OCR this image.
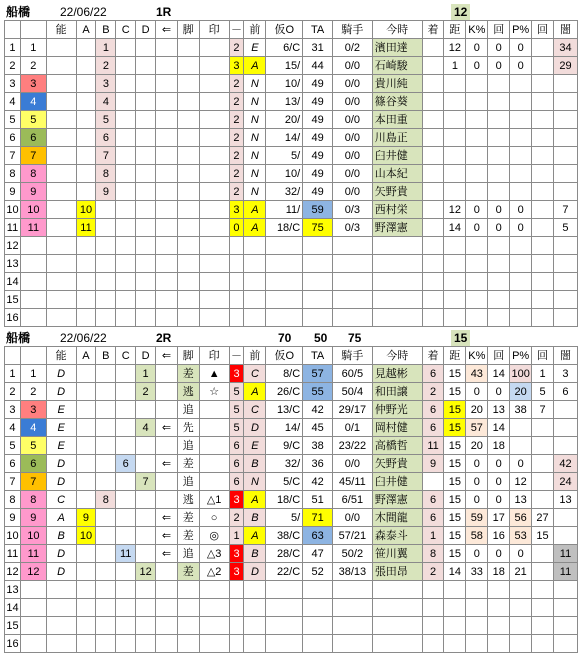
船橋 22/06/22	1R	12
		能	A	B	C	D	⇐	脚	印	－	前	仮O	TA	騎手	今時	着	距	K%	回	P%	回	闇
1	1			1						2	E	6/C	31	0/2	濱田達		12	0	0	0		34
2	2			2						3	A	15/	44	0/0	石崎駿		1	0	0	0		29
3	3			3						2	N	10/	49	0/0	貴川純							
4	4			4						2	N	13/	49	0/0	篠谷葵							
5	5			5						2	N	20/	49	0/0	本田重							
6	6			6						2	N	14/	49	0/0	川島正							
7	7			7						2	N	5/	49	0/0	臼井健							
8	8			8						2	N	10/	49	0/0	山本紀							
9	9			9						2	N	32/	49	0/0	矢野貴							
10	10		10							3	A	11/	59	0/3	西村栄		12	0	0	0		7
11	11		11							0	A	18/C	75	0/3	野澤憲		14	0	0	0		5
12																						
13																						
14																						
15																						
16																						
船橋 22/06/22	2R	70 50 75	15
		能	A	B	C	D	⇐	脚	印	－	前	仮O	TA	騎手	今時	着	距	K%	回	P%	回	闇
1	1	D				1		差	▲	3	C	8/C	57	60/5	見越彬	6	15	43	14	100	1	3
2	2	D				2		逃	☆	5	A	26/C	55	50/4	和田譲	2	15	0	0	20	5	6
3	3	E						追		5	C	13/C	42	29/17	仲野光	6	15	20	13	38	7	
4	4	E				4	⇐	先		5	D	14/	45	0/1	岡村健	6	15	57	14			
5	5	E						追		6	E	9/C	38	23/22	高橋哲	11	15	20	18			
6	6	D			6		⇐	差		6	B	32/	36	0/0	矢野貴	9	15	0	0	0		42
7	7	D				7		追		6	N	5/C	42	45/11	臼井健		15	0	0	12		24
8	8	C		8				逃	△1	3	A	18/C	51	6/51	野澤憲	6	15	0	0	13		13
9	9	A	9				⇐	差	○	2	B	5/	71	0/0	木間龍	6	15	59	17	56	27	
10	10	B	10				⇐	差	◎	1	A	38/C	63	57/21	森泰斗	1	15	58	16	53	15	
11	11	D			11		⇐	追	△3	3	B	28/C	47	50/2	笹川翼	8	15	0	0	0		11
12	12	D				12		差	△2	3	D	22/C	52	38/13	張田昂	2	14	33	18	21		11
13																						
14																						
15																						
16																						
